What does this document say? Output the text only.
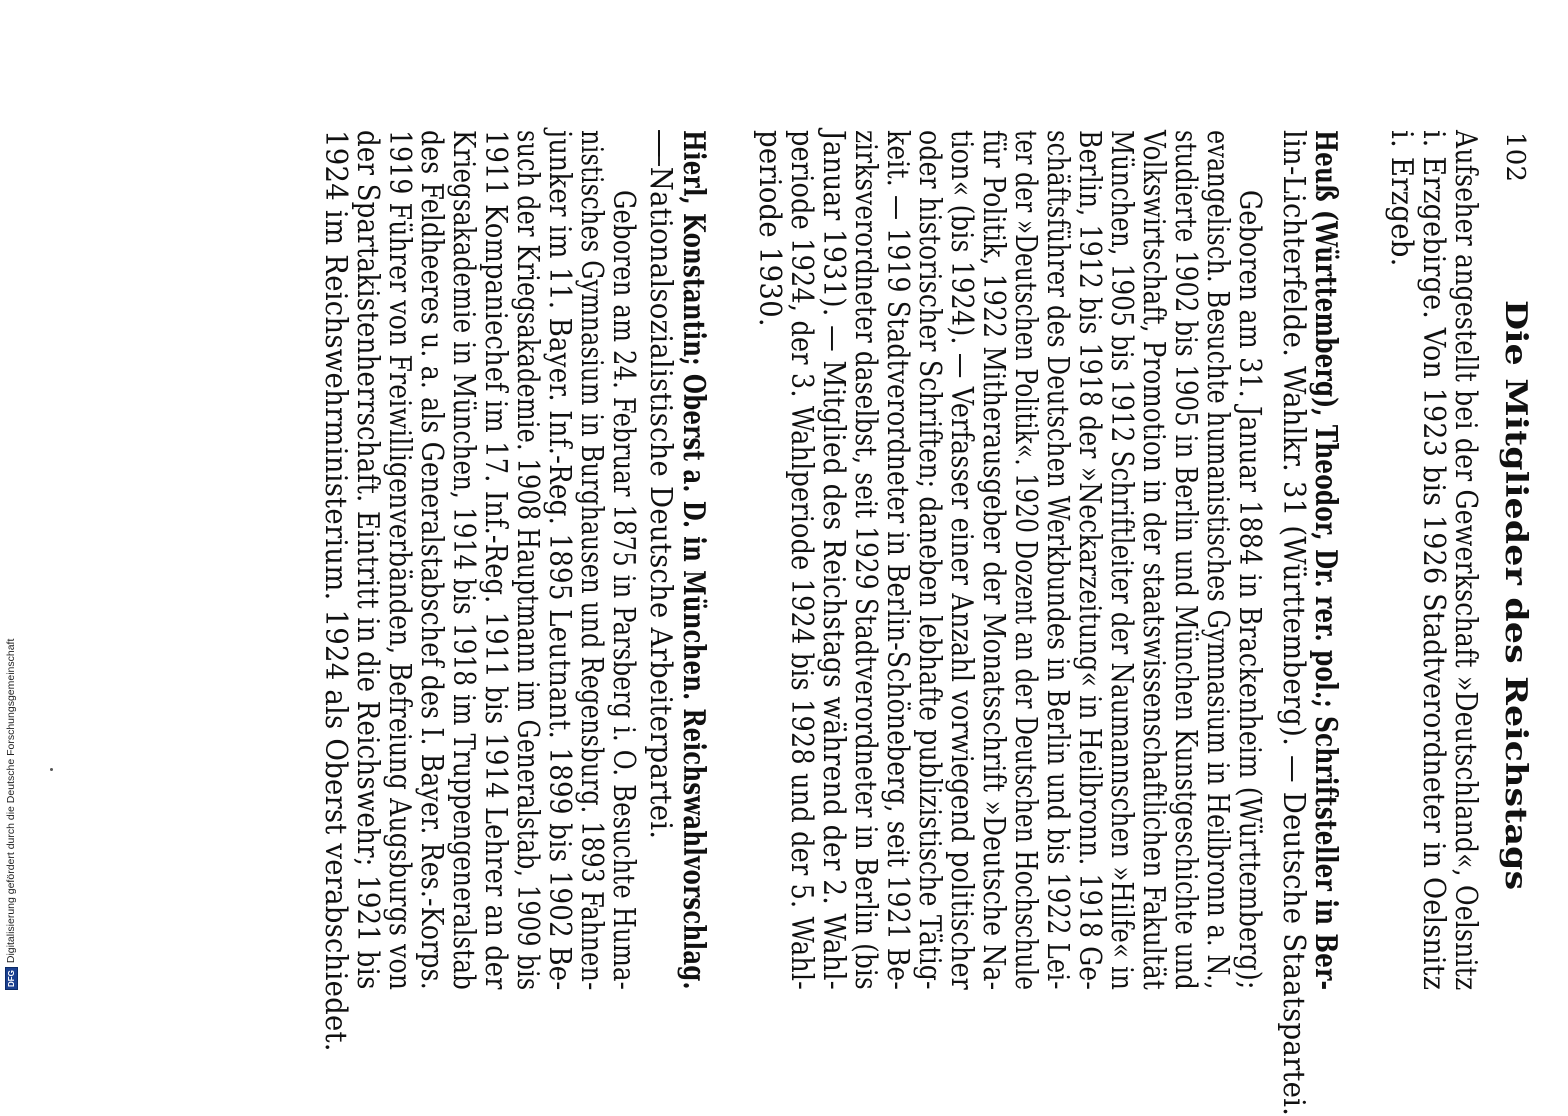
102
Die Mitglieder des Reichstags
Aufseher angestellt bei der Gewerkschaft »Deutschland«, Oelsnitz
i. Erzgebirge. Von 1923 bis 1926 Stadtverordneter in Oelsnitz
i. Erzgeb.
Heuß (Württemberg), Theodor, Dr. rer. pol.; Schriftsteller in Ber-
lin-Lichterfelde. Wahlkr. 31 (Württemberg). — Deutsche Staatspartei.
Geboren am 31. Januar 1884 in Brackenheim (Württemberg);
evangelisch. Besuchte humanistisches Gymnasium in Heilbronn a. N.,
studierte 1902 bis 1905 in Berlin und München Kunstgeschichte und
Volkswirtschaft, Promotion in der staatswissenschaftlichen Fakultät
München, 1905 bis 1912 Schriftleiter der Naumannschen »Hilfe« in
Berlin, 1912 bis 1918 der »Neckarzeitung« in Heilbronn. 1918 Ge-
schäftsführer des Deutschen Werkbundes in Berlin und bis 1922 Lei-
ter der »Deutschen Politik«. 1920 Dozent an der Deutschen Hochschule
für Politik, 1922 Mitherausgeber der Monatsschrift »Deutsche Na-
tion« (bis 1924). — Verfasser einer Anzahl vorwiegend politischer
oder historischer Schriften; daneben lebhafte publizistische Tätig-
keit. — 1919 Stadtverordneter in Berlin-Schöneberg, seit 1921 Be-
zirksverordneter daselbst, seit 1929 Stadtverordneter in Berlin (bis
Januar 1931). — Mitglied des Reichstags während der 2. Wahl-
periode 1924, der 3. Wahlperiode 1924 bis 1928 und der 5. Wahl-
periode 1930.
Hierl, Konstantin; Oberst a. D. in München. Reichswahlvorschlag.
— Nationalsozialistische Deutsche Arbeiterpartei.
Geboren am 24. Februar 1875 in Parsberg i. O. Besuchte Huma-
nistisches Gymnasium in Burghausen und Regensburg. 1893 Fahnen-
junker im 11. Bayer. Inf.-Reg. 1895 Leutnant. 1899 bis 1902 Be-
such der Kriegsakademie. 1908 Hauptmann im Generalstab, 1909 bis
1911 Kompaniechef im 17. Inf.-Reg. 1911 bis 1914 Lehrer an der
Kriegsakademie in München, 1914 bis 1918 im Truppengeneralstab
des Feldheeres u. a. als Generalstabschef des I. Bayer. Res.-Korps.
1919 Führer von Freiwilligenverbänden, Befreiung Augsburgs von
der Spartakistenherrschaft. Eintritt in die Reichswehr; 1921 bis
1924 im Reichswehrministerium. 1924 als Oberst verabschiedet.
DFG
Digitalisierung gefördert durch die Deutsche Forschungsgemeinschaft
